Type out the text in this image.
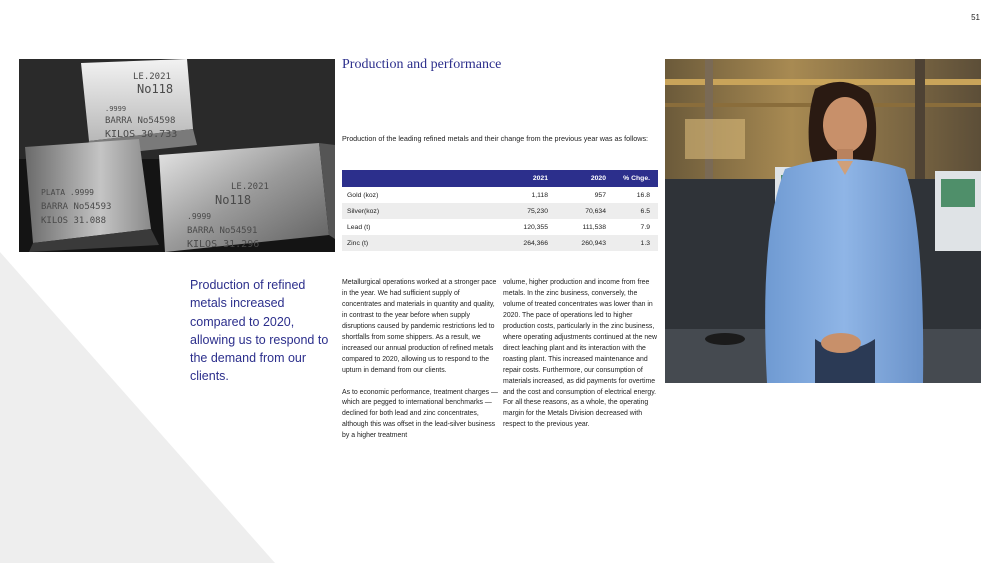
51
LE.2021
No118
.9999
BARRA No54598
KILOS 30.733
PLATA .9999
BARRA No54593
KILOS 31.088
LE.2021
No118
.9999
BARRA No54591
KILOS 31.296
Production and performance
Production of the leading refined metals and their change from the previous year was as follows:
2021	2020	% Chge.
Gold (koz)	1,118	957	16.8
Silver(koz)	75,230	70,634	6.5
Lead (t)	120,355	111,538	7.9
Zinc (t)	264,366	260,943	1.3
Production of refined metals increased compared to 2020, allowing us to respond to the demand from our clients.

Metallurgical operations worked at a stronger pace in the year. We had sufficient supply of concentrates and materials in quantity and quality, in contrast to the year before when supply disruptions caused by pandemic restrictions led to shortfalls from some shippers. As a result, we increased our annual production of refined metals compared to 2020, allowing us to respond to the upturn in demand from our clients.

As to economic performance, treatment charges —which are pegged to international benchmarks —declined for both lead and zinc concentrates, although this was offset in the lead-silver business by a higher treatment

volume, higher production and income from free metals. In the zinc business, conversely, the volume of treated concentrates was lower than in 2020. The pace of operations led to higher production costs, particularly in the zinc business, where operating adjustments continued at the new direct leaching plant and its interaction with the roasting plant. This increased maintenance and repair costs. Furthermore, our consumption of materials increased, as did payments for overtime and the cost and consumption of electrical energy. For all these reasons, as a whole, the operating margin for the Metals Division decreased with respect to the previous year.
